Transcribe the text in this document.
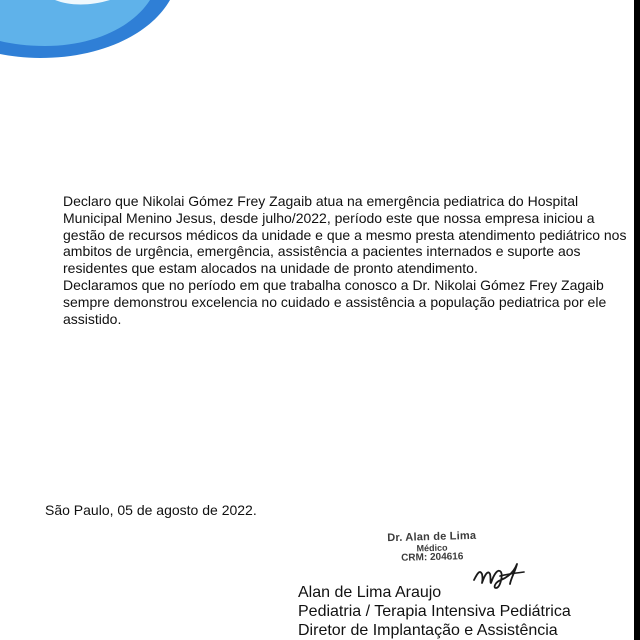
Declaro que Nikolai Gómez Frey Zagaib atua na emergência pediatrica do Hospital Municipal Menino Jesus, desde julho/2022, período este que nossa empresa iniciou a gestão de recursos médicos da unidade e que a mesmo presta atendimento pediátrico nos ambitos de urgência, emergência, assistência a pacientes internados e suporte aos residentes que estam alocados na unidade de pronto atendimento.

Declaramos que no período em que trabalha conosco a Dr. Nikolai Gómez Frey Zagaib sempre demonstrou excelencia no cuidado e assistência a população pediatrica por ele assistido.

São Paulo, 05 de agosto de 2022.
Dr. Alan de Lima
Médico
CRM: 204616
Alan de Lima Araujo
Pediatria / Terapia Intensiva Pediátrica
Diretor de Implantação e Assistência
